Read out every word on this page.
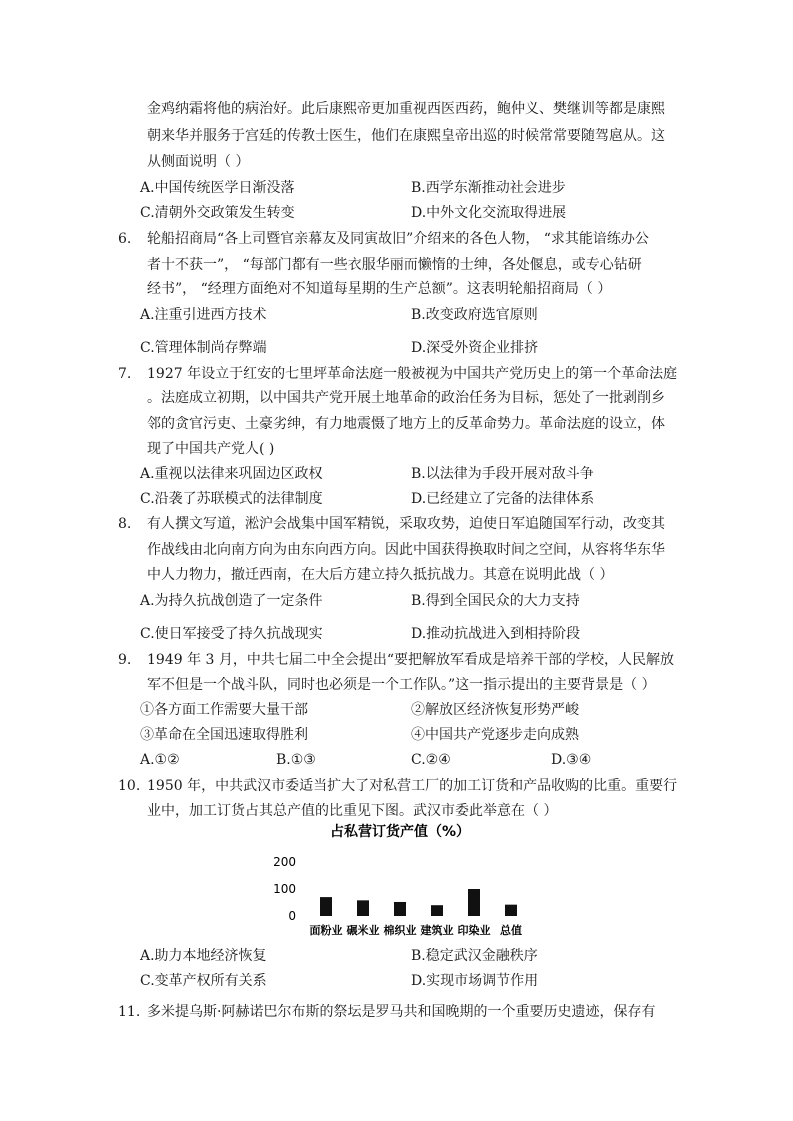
金鸡纳霜将他的病治好。此后康熙帝更加重视西医西药，鲍仲义、樊继训等都是康熙
朝来华并服务于宫廷的传教士医生，他们在康熙皇帝出巡的时候常常要随驾扈从。这
从侧面说明（ ）
A.中国传统医学日渐没落	B.西学东渐推动社会进步
C.清朝外交政策发生转变	D.中外文化交流取得进展
6. 轮船招商局“各上司暨官亲幕友及同寅故旧”介绍来的各色人物， “求其能谙练办公
者十不获一”， “每部门都有一些衣服华丽而懒惰的士绅，各处偃息，或专心钻研
经书”， “经理方面绝对不知道每星期的生产总额”。这表明轮船招商局（ ）
A.注重引进西方技术	B.改变政府选官原则
C.管理体制尚存弊端	D.深受外资企业排挤
7. 1927 年设立于红安的七里坪革命法庭一般被视为中国共产党历史上的第一个革命法庭
。法庭成立初期，以中国共产党开展土地革命的政治任务为目标，惩处了一批剥削乡
邻的贪官污吏、土豪劣绅，有力地震慑了地方上的反革命势力。革命法庭的设立，体
现了中国共产党人( )
A.重视以法律来巩固边区政权	B.以法律为手段开展对敌斗争
C.沿袭了苏联模式的法律制度	D.已经建立了完备的法律体系
8. 有人撰文写道，淞沪会战集中国军精锐，采取攻势，迫使日军追随国军行动，改变其
作战线由北向南方向为由东向西方向。因此中国获得换取时间之空间，从容将华东华
中人力物力，撤迁西南，在大后方建立持久抵抗战力。其意在说明此战（ ）
A.为持久抗战创造了一定条件	B.得到全国民众的大力支持
C.使日军接受了持久抗战现实	D.推动抗战进入到相持阶段
9. 1949 年 3 月，中共七届二中全会提出“要把解放军看成是培养干部的学校，人民解放
军不但是一个战斗队，同时也必须是一个工作队。”这一指示提出的主要背景是（ ）
①各方面工作需要大量干部	②解放区经济恢复形势严峻
③革命在全国迅速取得胜利	④中国共产党逐步走向成熟
A.①②	B.①③	C.②④	D.③④
10. 1950 年，中共武汉市委适当扩大了对私营工厂的加工订货和产品收购的比重。重要行
业中，加工订货占其总产值的比重见下图。武汉市委此举意在（ ）
占私营订货产值（%）
200
100
0
面粉业 碾米业 棉织业 建筑业 印染业 总值
A.助力本地经济恢复	B.稳定武汉金融秩序
C.变革产权所有关系	D.实现市场调节作用
11. 多米提乌斯·阿赫诺巴尔布斯的祭坛是罗马共和国晚期的一个重要历史遗迹，保存有
